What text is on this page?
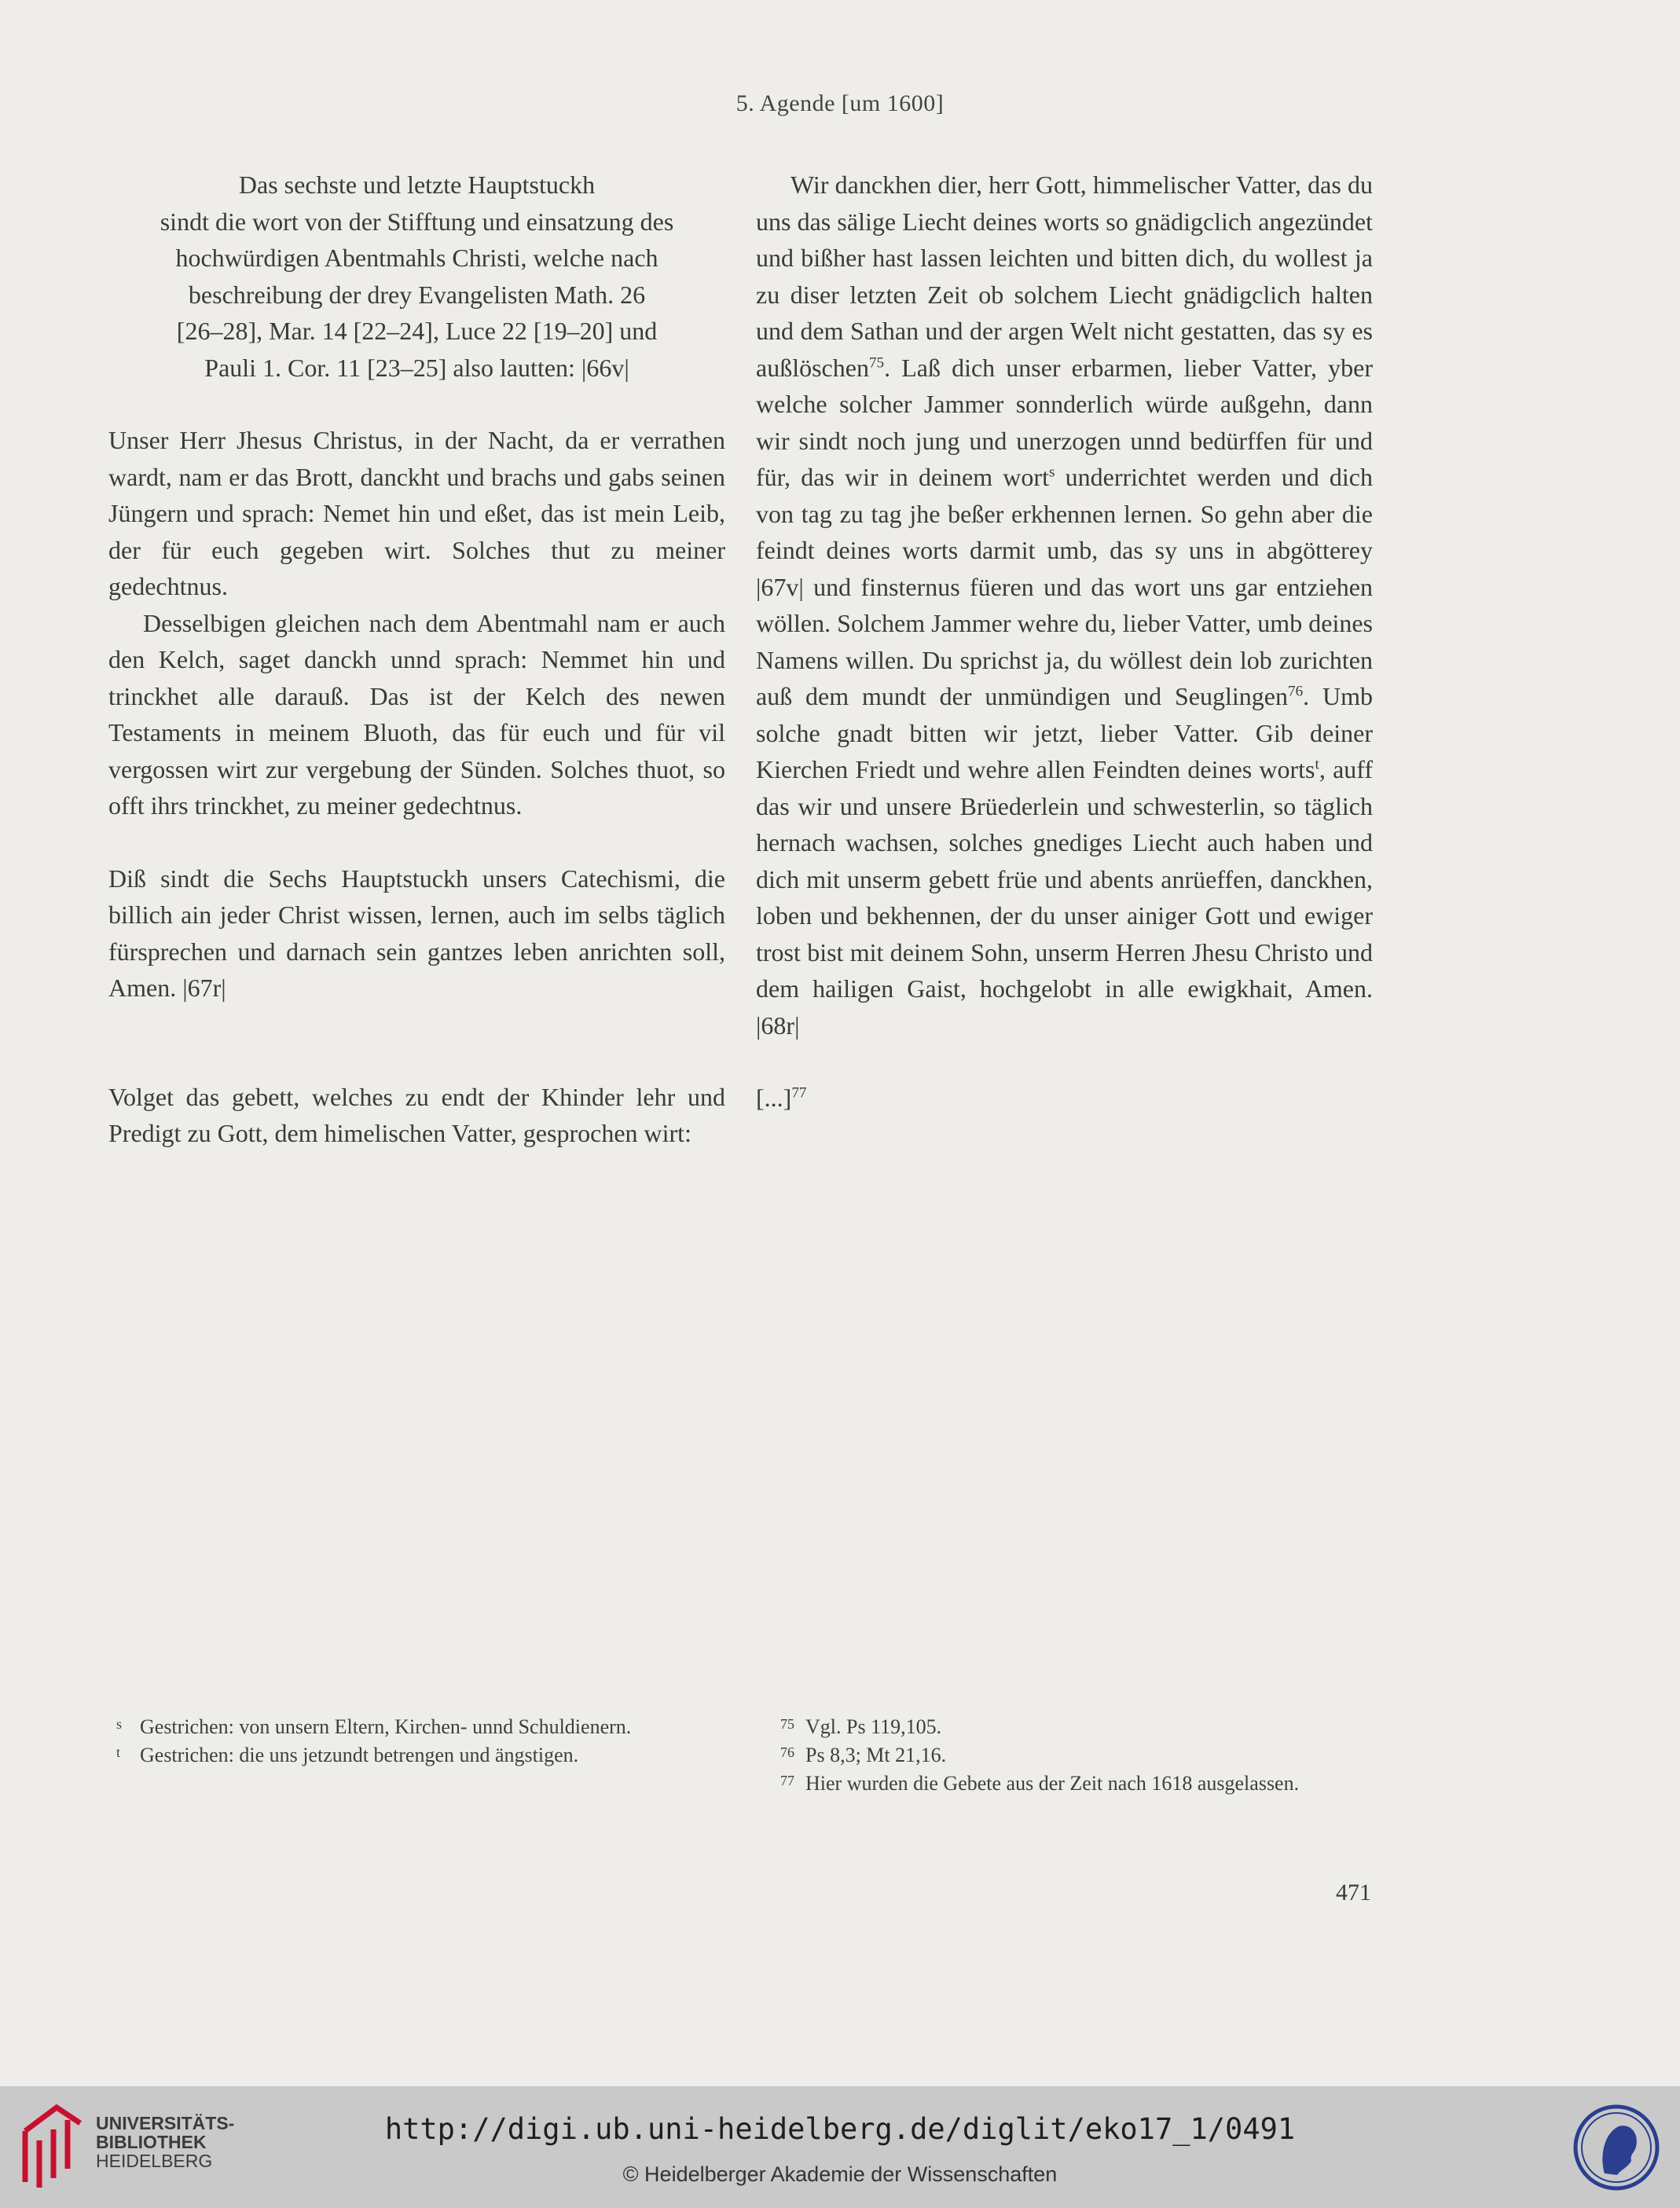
5. Agende [um 1600]
Das sechste und letzte Hauptstuckh
sindt die wort von der Stifftung und einsatzung des
hochwürdigen Abentmahls Christi, welche nach
beschreibung der drey Evangelisten Math. 26
[26–28], Mar. 14 [22–24], Luce 22 [19–20] und
Pauli 1. Cor. 11 [23–25] also lautten: |66v|

Unser Herr Jhesus Christus, in der Nacht, da er verrathen wardt, nam er das Brott, danckht und brachs und gabs seinen Jüngern und sprach: Nemet hin und eßet, das ist mein Leib, der für euch gegeben wirt. Solches thut zu meiner gedechtnus.

Desselbigen gleichen nach dem Abentmahl nam er auch den Kelch, saget danckh unnd sprach: Nemmet hin und trinckhet alle darauß. Das ist der Kelch des newen Testaments in meinem Bluoth, das für euch und für vil vergossen wirt zur vergebung der Sünden. Solches thuot, so offt ihrs trinckhet, zu meiner gedechtnus.

Diß sindt die Sechs Hauptstuckh unsers Catechismi, die billich ain jeder Christ wissen, lernen, auch im selbs täglich fürsprechen und darnach sein gantzes leben anrichten soll, Amen. |67r|

Volget das gebett, welches zu endt der Khinder lehr und Predigt zu Gott, dem himelischen Vatter, gesprochen wirt:

Wir danckhen dier, herr Gott, himmelischer Vatter, das du uns das sälige Liecht deines worts so gnädigclich angezündet und bißher hast lassen leichten und bitten dich, du wollest ja zu diser letzten Zeit ob solchem Liecht gnädigclich halten und dem Sathan und der argen Welt nicht gestatten, das sy es außlöschen$^{75}$. Laß dich unser erbarmen, lieber Vatter, yber welche solcher Jammer sonnderlich würde außgehn, dann wir sindt noch jung und unerzogen unnd bedürffen für und für, das wir in deinem wort$^s$ underrichtet werden und dich von tag zu tag jhe beßer erkhennen lernen. So gehn aber die feindt deines worts darmit umb, das sy uns in abgötterey |67v| und finsternus füeren und das wort uns gar entziehen wöllen. Solchem Jammer wehre du, lieber Vatter, umb deines Namens willen. Du sprichst ja, du wöllest dein lob zurichten auß dem mundt der unmündigen und Seuglingen$^{76}$. Umb solche gnadt bitten wir jetzt, lieber Vatter. Gib deiner Kierchen Friedt und wehre allen Feindten deines worts$^t$, auff das wir und unsere Brüederlein und schwesterlin, so täglich hernach wachsen, solches gnediges Liecht auch haben und dich mit unserm gebett früe und abents anrüeffen, danckhen, loben und bekhennen, der du unser ainiger Gott und ewiger trost bist mit deinem Sohn, unserm Herren Jhesu Christo und dem hailigen Gaist, hochgelobt in alle ewigkhait, Amen. |68r|

[...]$^{77}$

s Gestrichen: von unsern Eltern, Kirchen- unnd Schuldienern.

t Gestrichen: die uns jetzundt betrengen und ängstigen.

75 Vgl. Ps 119,105.

76 Ps 8,3; Mt 21,16.

77 Hier wurden die Gebete aus der Zeit nach 1618 ausgelassen.

471
UNIVERSITÄTS-
BIBLIOTHEK
HEIDELBERG
http://digi.ub.uni-heidelberg.de/diglit/eko17_1/0491
© Heidelberger Akademie der Wissenschaften
